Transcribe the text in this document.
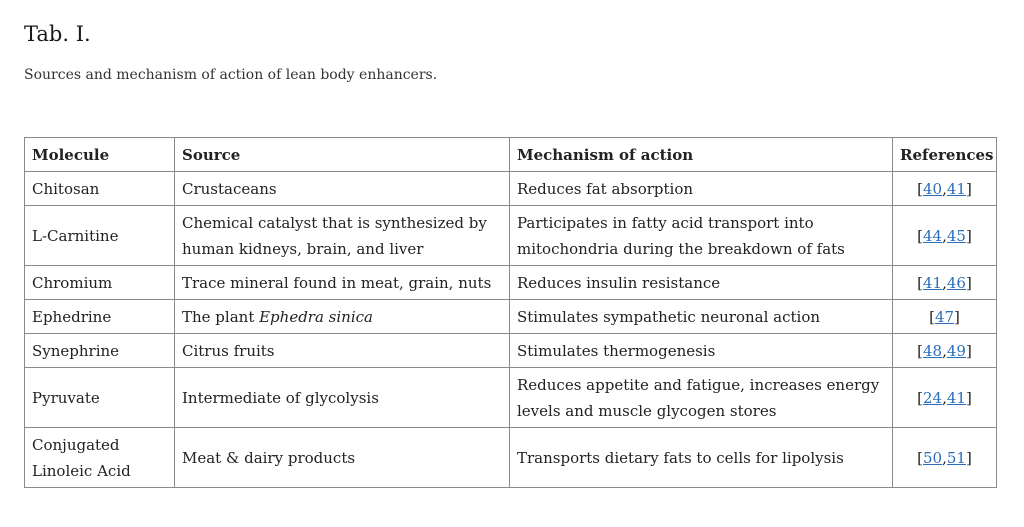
Tab. I.

Sources and mechanism of action of lean body enhancers.

Molecule	Source	Mechanism of action	References
Chitosan	Crustaceans	Reduces fat absorption	[40,41]
L-Carnitine	Chemical catalyst that is synthesized by human kidneys, brain, and liver	Participates in fatty acid transport into mitochondria during the breakdown of fats	[44,45]
Chromium	Trace mineral found in meat, grain, nuts	Reduces insulin resistance	[41,46]
Ephedrine	The plant Ephedra sinica	Stimulates sympathetic neuronal action	[47]
Synephrine	Citrus fruits	Stimulates thermogenesis	[48,49]
Pyruvate	Intermediate of glycolysis	Reduces appetite and fatigue, increases energy levels and muscle glycogen stores	[24,41]
Conjugated Linoleic Acid	Meat & dairy products	Transports dietary fats to cells for lipolysis	[50,51]
